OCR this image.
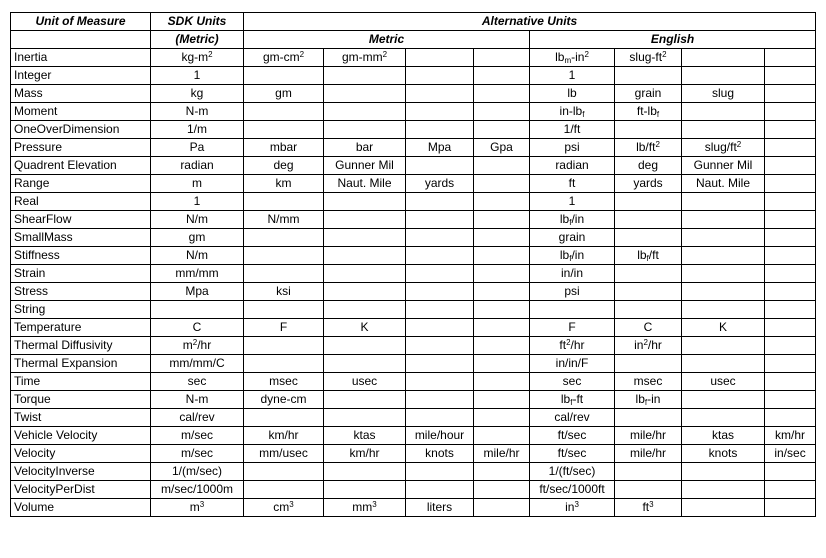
Unit of Measure	SDK Units	Alternative Units							
	(Metric)	Metric				English			
Inertia	$kg-m^2$	$gm-cm^2$	$gm-mm^2$			$lb_m-in^2$	slug-$ft^2$		
Integer	1					1			
Mass	kg	gm				lb	grain	slug	
Moment	N-m					$in-lb_f$	$ft-lb_f$		
OneOverDimension	1/m					1/ft			
Pressure	Pa	mbar	bar	Mpa	Gpa	psi	$lb/ft^2$	slug/$ft^2$	
Quadrent Elevation	radian	deg	Gunner Mil			radian	deg	Gunner Mil	
Range	m	km	Naut. Mile	yards		ft	yards	Naut. Mile	
Real	1					1			
ShearFlow	N/m	N/mm				$lb_f/in$			
SmallMass	gm					grain			
Stiffness	N/m					$lb_f/in$	$lb_f/ft$		
Strain	mm/mm					in/in			
Stress	Mpa	ksi				psi			
String									
Temperature	C	F	K			F	C	K	
Thermal Diffusivity	$m^2/hr$					$ft^2/hr$	$in^2/hr$		
Thermal Expansion	mm/mm/C					in/in/F			
Time	sec	msec	usec			sec	msec	usec	
Torque	N-m	dyne-cm				$lb_f-ft$	$lb_f-in$		
Twist	cal/rev					cal/rev			
Vehicle Velocity	m/sec	km/hr	ktas	mile/hour		ft/sec	mile/hr	ktas	km/hr
Velocity	m/sec	mm/usec	km/hr	knots	mile/hr	ft/sec	mile/hr	knots	in/sec
VelocityInverse	1/(m/sec)					1/(ft/sec)			
VelocityPerDist	m/sec/1000m					ft/sec/1000ft			
Volume	$m^3$	$cm^3$	$mm^3$	liters		$in^3$	$ft^3$		
